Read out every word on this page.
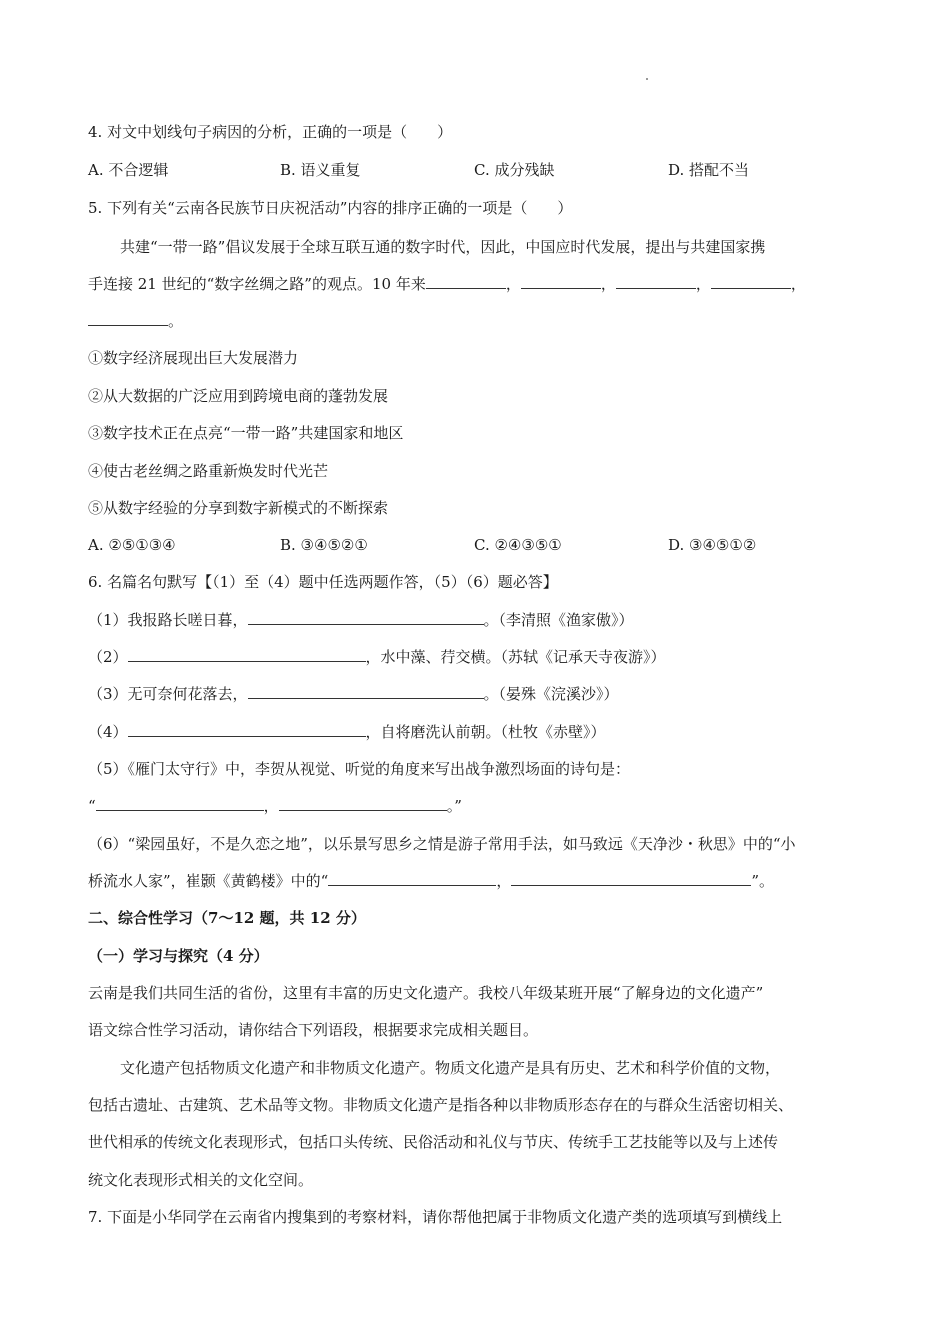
4. 对文中划线句子病因的分析，正确的一项是（　　）
A. 不合逻辑	B. 语义重复	C. 成分残缺	D. 搭配不当
5. 下列有关“云南各民族节日庆祝活动”内容的排序正确的一项是（　　）
共建“一带一路”倡议发展于全球互联互通的数字时代，因此，中国应时代发展，提出与共建国家携
手连接 21 世纪的“数字丝绸之路”的观点。10 年来	，	，	，	，
。
①数字经济展现出巨大发展潜力
②从大数据的广泛应用到跨境电商的蓬勃发展
③数字技术正在点亮“一带一路”共建国家和地区
④使古老丝绸之路重新焕发时代光芒
⑤从数字经验的分享到数字新模式的不断探索
A. ②⑤①③④	B. ③④⑤②①	C. ②④③⑤①	D. ③④⑤①②
6. 名篇名句默写【（1）至（4）题中任选两题作答，（5）（6）题必答】
（1）我报路长嗟日暮，	。（李清照《渔家傲》）
（2）	，水中藻、荇交横。（苏轼《记承天寺夜游》）
（3）无可奈何花落去，	。（晏殊《浣溪沙》）
（4）	，自将磨洗认前朝。（杜牧《赤壁》）
（5）《雁门太守行》中，李贺从视觉、听觉的角度来写出战争激烈场面的诗句是：
“	，	。”
（6）“梁园虽好，不是久恋之地”，以乐景写思乡之情是游子常用手法，如马致远《天净沙・秋思》中的“小
桥流水人家”，崔颢《黄鹤楼》中的“	，	”。
二、综合性学习（7～12 题，共 12 分）
（一）学习与探究（4 分）
云南是我们共同生活的省份，这里有丰富的历史文化遗产。我校八年级某班开展“了解身边的文化遗产”
语文综合性学习活动，请你结合下列语段，根据要求完成相关题目。
文化遗产包括物质文化遗产和非物质文化遗产。物质文化遗产是具有历史、艺术和科学价值的文物，
包括古遗址、古建筑、艺术品等文物。非物质文化遗产是指各种以非物质形态存在的与群众生活密切相关、
世代相承的传统文化表现形式，包括口头传统、民俗活动和礼仪与节庆、传统手工艺技能等以及与上述传
统文化表现形式相关的文化空间。
7. 下面是小华同学在云南省内搜集到的考察材料，请你帮他把属于非物质文化遗产类的选项填写到横线上
